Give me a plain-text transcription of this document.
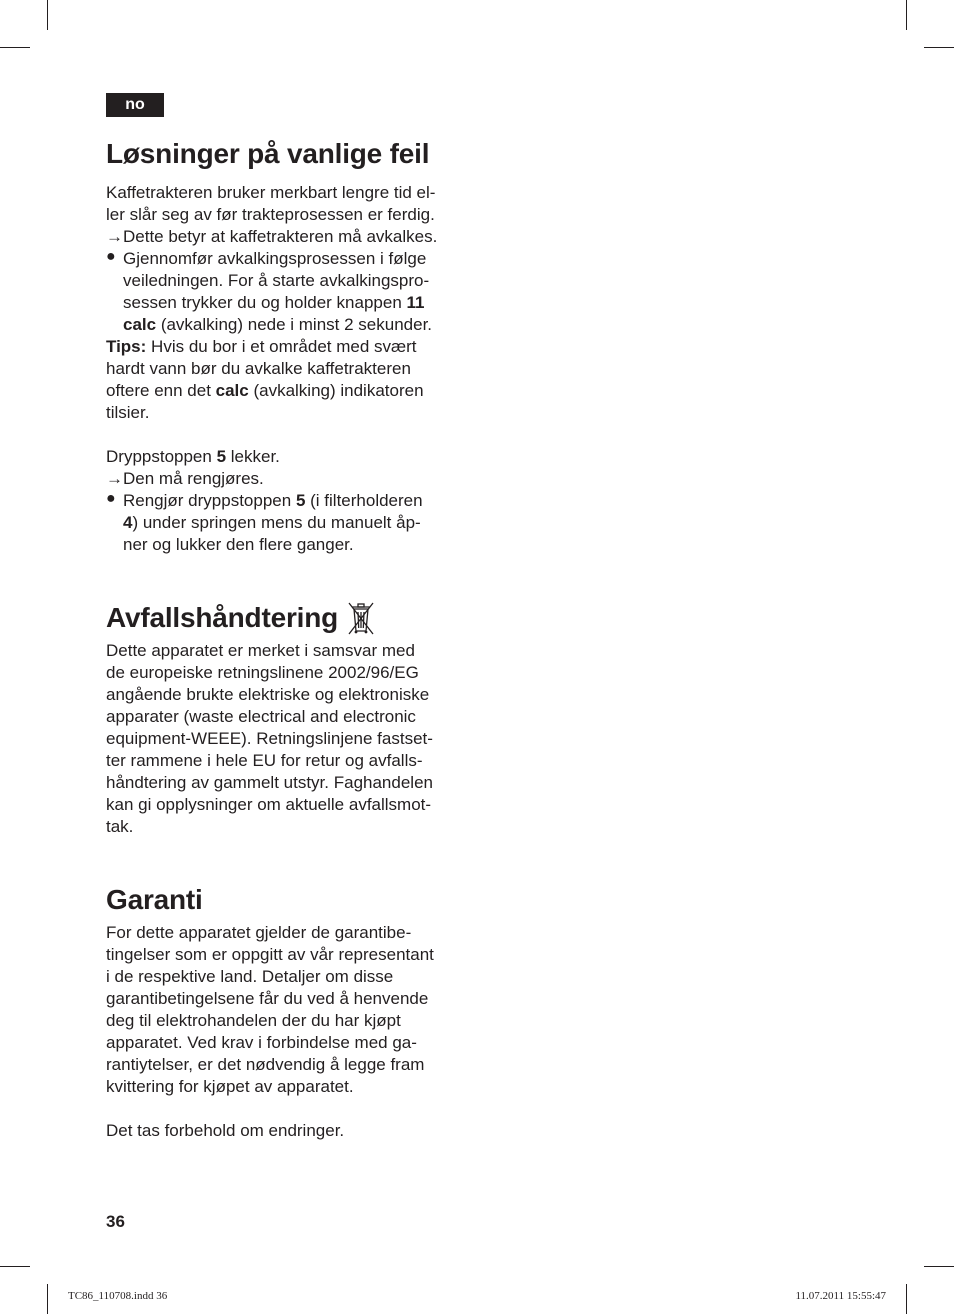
no
Løsninger på vanlige feil

Kaffetrakteren bruker merkbart lengre tid el-

ler slår seg av før trakteprosessen er ferdig.

→Dette betyr at kaffetrakteren må avkalkes.

● Gjennomfør avkalkingsprosessen i følge

veiledningen. For å starte avkalkingspro-

sessen trykker du og holder knappen 11

calc (avkalking) nede i minst 2 sekunder.

Tips: Hvis du bor i et området med svært

hardt vann bør du avkalke kaffetrakteren

oftere enn det calc (avkalking) indikatoren

tilsier.

Dryppstoppen 5 lekker.

→Den må rengjøres.

● Rengjør dryppstoppen 5 (i filterholderen

4) under springen mens du manuelt åp-

ner og lukker den flere ganger.

Avfallshåndtering

Dette apparatet er merket i samsvar med

de europeiske retningslinene 2002/96/EG

angående brukte elektriske og elektroniske

apparater (waste electrical and electronic

equipment-WEEE). Retningslinjene fastset-

ter rammene i hele EU for retur og avfalls-

håndtering av gammelt utstyr. Faghandelen

kan gi opplysninger om aktuelle avfallsmot-

tak.

Garanti

For dette apparatet gjelder de garantibe-

tingelser som er oppgitt av vår representant

i de respektive land. Detaljer om disse

garantibetingelsene får du ved å henvende

deg til elektrohandelen der du har kjøpt

apparatet. Ved krav i forbindelse med ga-

rantiytelser, er det nødvendig å legge fram

kvittering for kjøpet av apparatet.

Det tas forbehold om endringer.

36
TC86_110708.indd 36	11.07.2011 15:55:47
